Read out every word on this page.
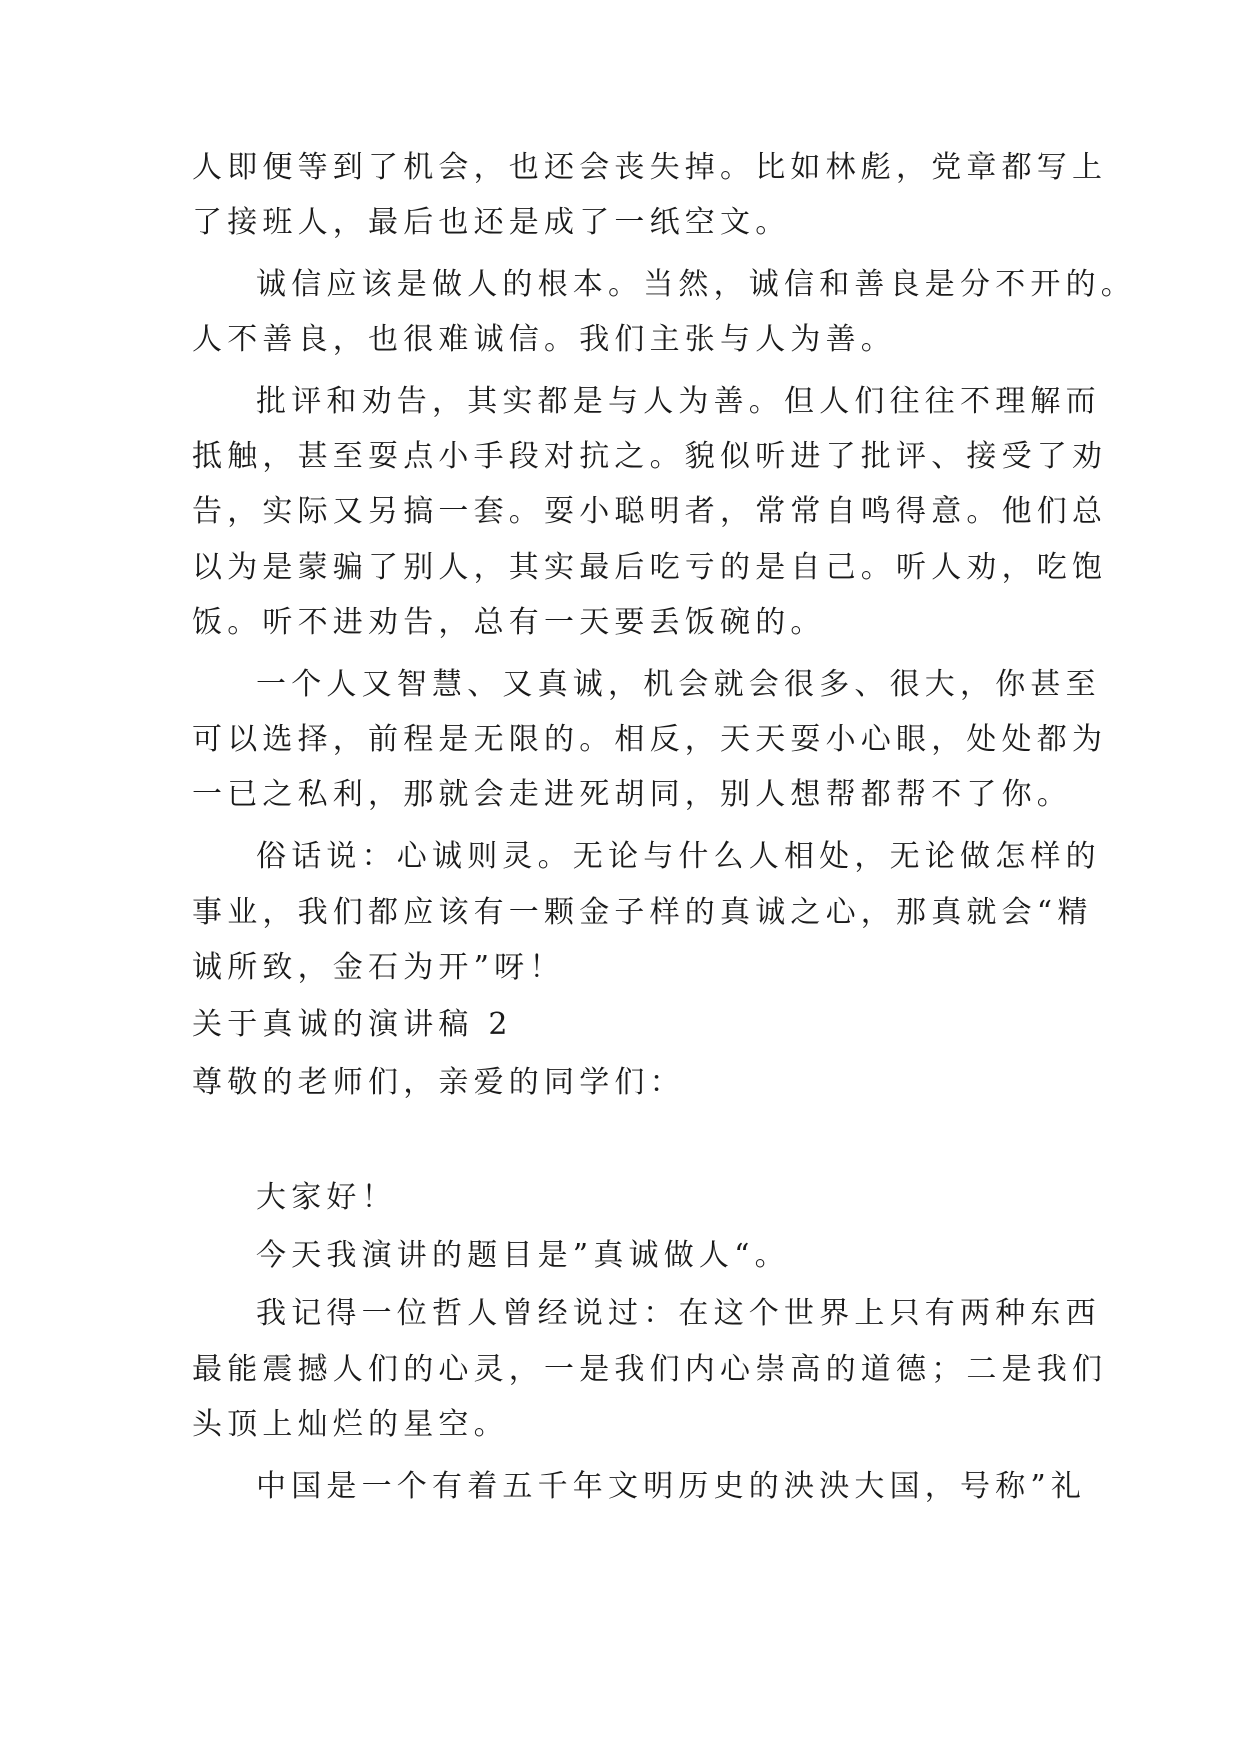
人即便等到了机会，也还会丧失掉。比如林彪，党章都写上
了接班人，最后也还是成了一纸空文。
诚信应该是做人的根本。当然，诚信和善良是分不开的。
人不善良，也很难诚信。我们主张与人为善。
批评和劝告，其实都是与人为善。但人们往往不理解而
抵触，甚至耍点小手段对抗之。貌似听进了批评、接受了劝
告，实际又另搞一套。耍小聪明者，常常自鸣得意。他们总
以为是蒙骗了别人，其实最后吃亏的是自己。听人劝，吃饱
饭。听不进劝告，总有一天要丢饭碗的。
一个人又智慧、又真诚，机会就会很多、很大，你甚至
可以选择，前程是无限的。相反，天天耍小心眼，处处都为
一已之私利，那就会走进死胡同，别人想帮都帮不了你。
俗话说：心诚则灵。无论与什么人相处，无论做怎样的
事业，我们都应该有一颗金子样的真诚之心，那真就会“精
诚所致，金石为开”呀！
关于真诚的演讲稿 2
尊敬的老师们，亲爱的同学们：
大家好！
今天我演讲的题目是”真诚做人“。
我记得一位哲人曾经说过：在这个世界上只有两种东西
最能震撼人们的心灵，一是我们内心崇高的道德；二是我们
头顶上灿烂的星空。
中国是一个有着五千年文明历史的泱泱大国，号称”礼
